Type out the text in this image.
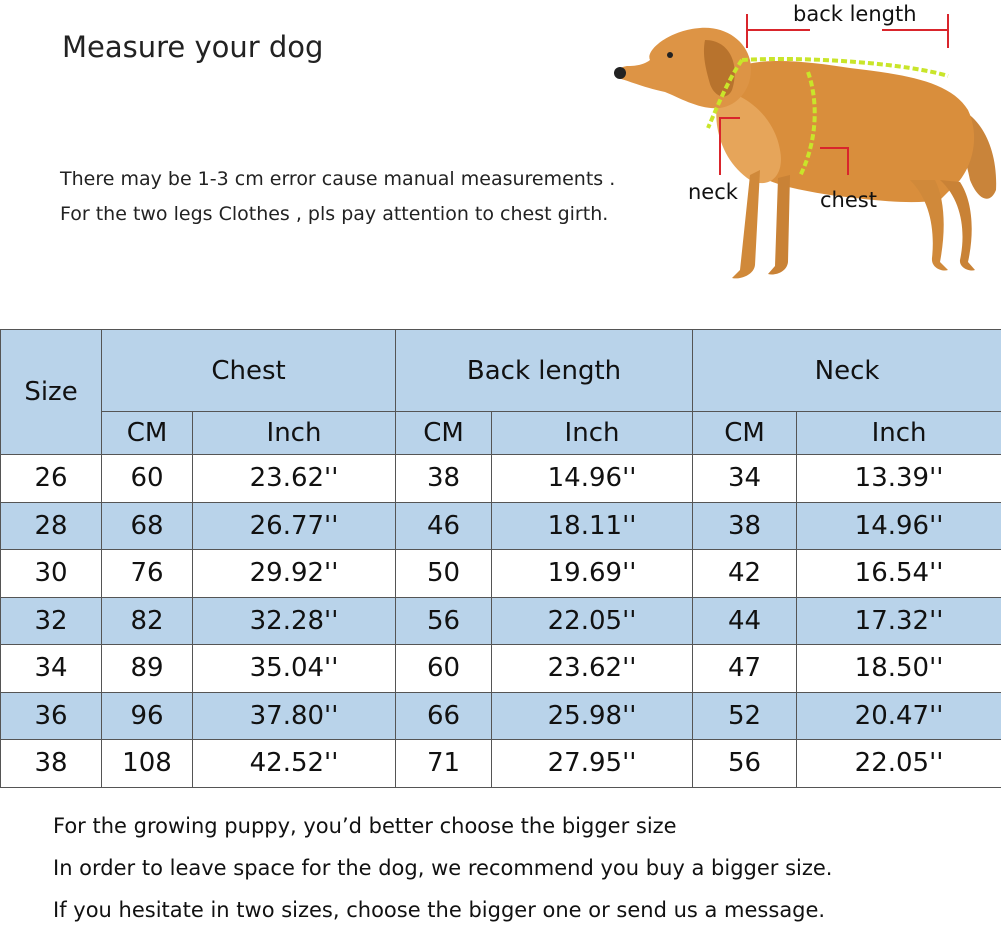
Measure your dog
There may be 1-3 cm error cause manual measurements .
For the two legs Clothes , pls pay attention to chest girth.
back length
neck	chest
Size	Chest		Back length		Neck	
	CM	Inch	CM	Inch	CM	Inch
26	60	23.62''	38	14.96''	34	13.39''
28	68	26.77''	46	18.11''	38	14.96''
30	76	29.92''	50	19.69''	42	16.54''
32	82	32.28''	56	22.05''	44	17.32''
34	89	35.04''	60	23.62''	47	18.50''
36	96	37.80''	66	25.98''	52	20.47''
38	108	42.52''	71	27.95''	56	22.05''
For the growing puppy, you’d better choose the bigger size
In order to leave space for the dog, we recommend you buy a bigger size.
If you hesitate in two sizes, choose the bigger one or send us a message.
